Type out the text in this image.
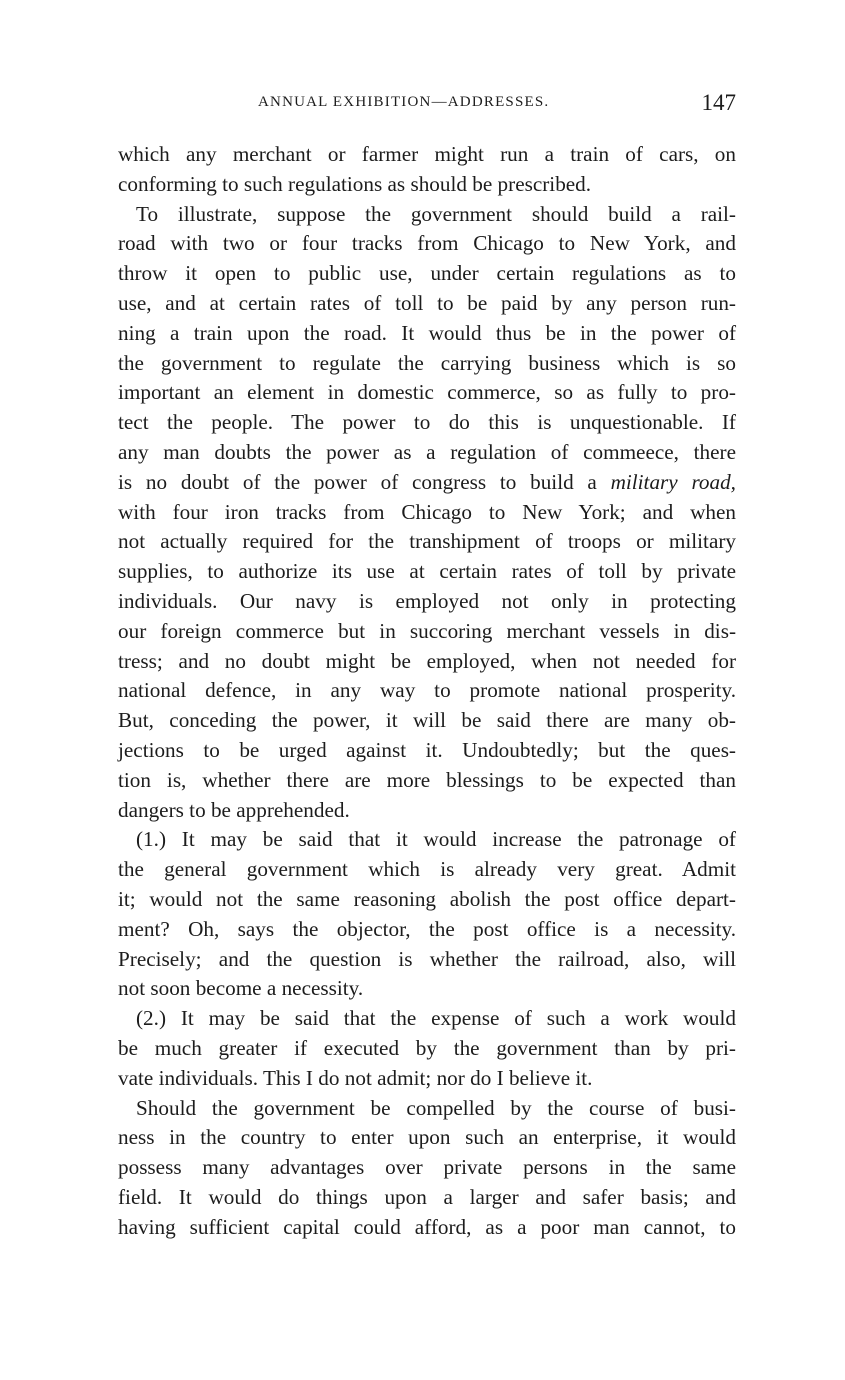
ANNUAL EXHIBITION—ADDRESSES.	147
which any merchant or farmer might run a train of cars, on
conforming to such regulations as should be prescribed.
To illustrate, suppose the government should build a rail-
road with two or four tracks from Chicago to New York, and
throw it open to public use, under certain regulations as to
use, and at certain rates of toll to be paid by any person run-
ning a train upon the road. It would thus be in the power of
the government to regulate the carrying business which is so
important an element in domestic commerce, so as fully to pro-
tect the people. The power to do this is unquestionable. If
any man doubts the power as a regulation of commeece, there
is no doubt of the power of congress to build a military road,
with four iron tracks from Chicago to New York; and when
not actually required for the transhipment of troops or military
supplies, to authorize its use at certain rates of toll by private
individuals. Our navy is employed not only in protecting
our foreign commerce but in succoring merchant vessels in dis-
tress; and no doubt might be employed, when not needed for
national defence, in any way to promote national prosperity.
But, conceding the power, it will be said there are many ob-
jections to be urged against it. Undoubtedly; but the ques-
tion is, whether there are more blessings to be expected than
dangers to be apprehended.
(1.) It may be said that it would increase the patronage of
the general government which is already very great. Admit
it; would not the same reasoning abolish the post office depart-
ment? Oh, says the objector, the post office is a necessity.
Precisely; and the question is whether the railroad, also, will
not soon become a necessity.
(2.) It may be said that the expense of such a work would
be much greater if executed by the government than by pri-
vate individuals. This I do not admit; nor do I believe it.
Should the government be compelled by the course of busi-
ness in the country to enter upon such an enterprise, it would
possess many advantages over private persons in the same
field. It would do things upon a larger and safer basis; and
having sufficient capital could afford, as a poor man cannot, to
